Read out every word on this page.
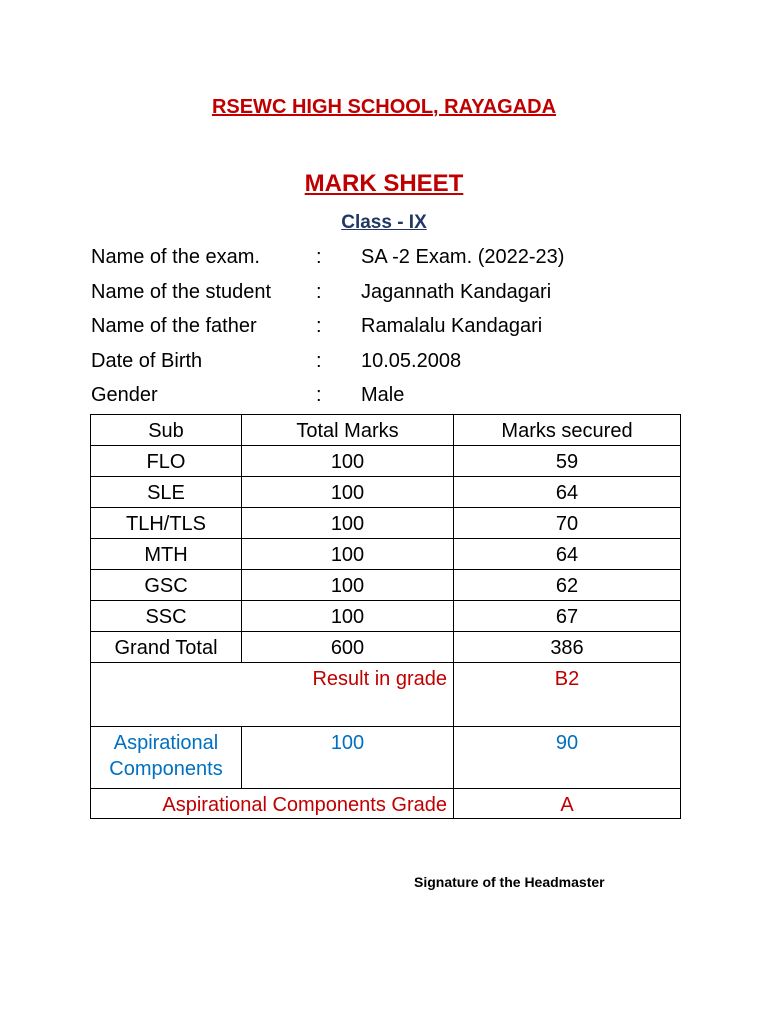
RSEWC HIGH SCHOOL, RAYAGADA
MARK SHEET
Class - IX
Name of the exam.	: SA -2 Exam. (2022-23)
Name of the student : Jagannath Kandagari
Name of the father	: Ramalalu Kandagari
Date of Birth	: 10.05.2008
Gender	: Male
Sub	Total Marks	Marks secured
FLO	100	59
SLE	100	64
TLH/TLS	100	70
MTH	100	64
GSC	100	62
SSC	100	67
Grand Total	600	386
Result in grade		B2
Aspirational Components	100	90
Aspirational Components Grade		A
Signature of the Headmaster
